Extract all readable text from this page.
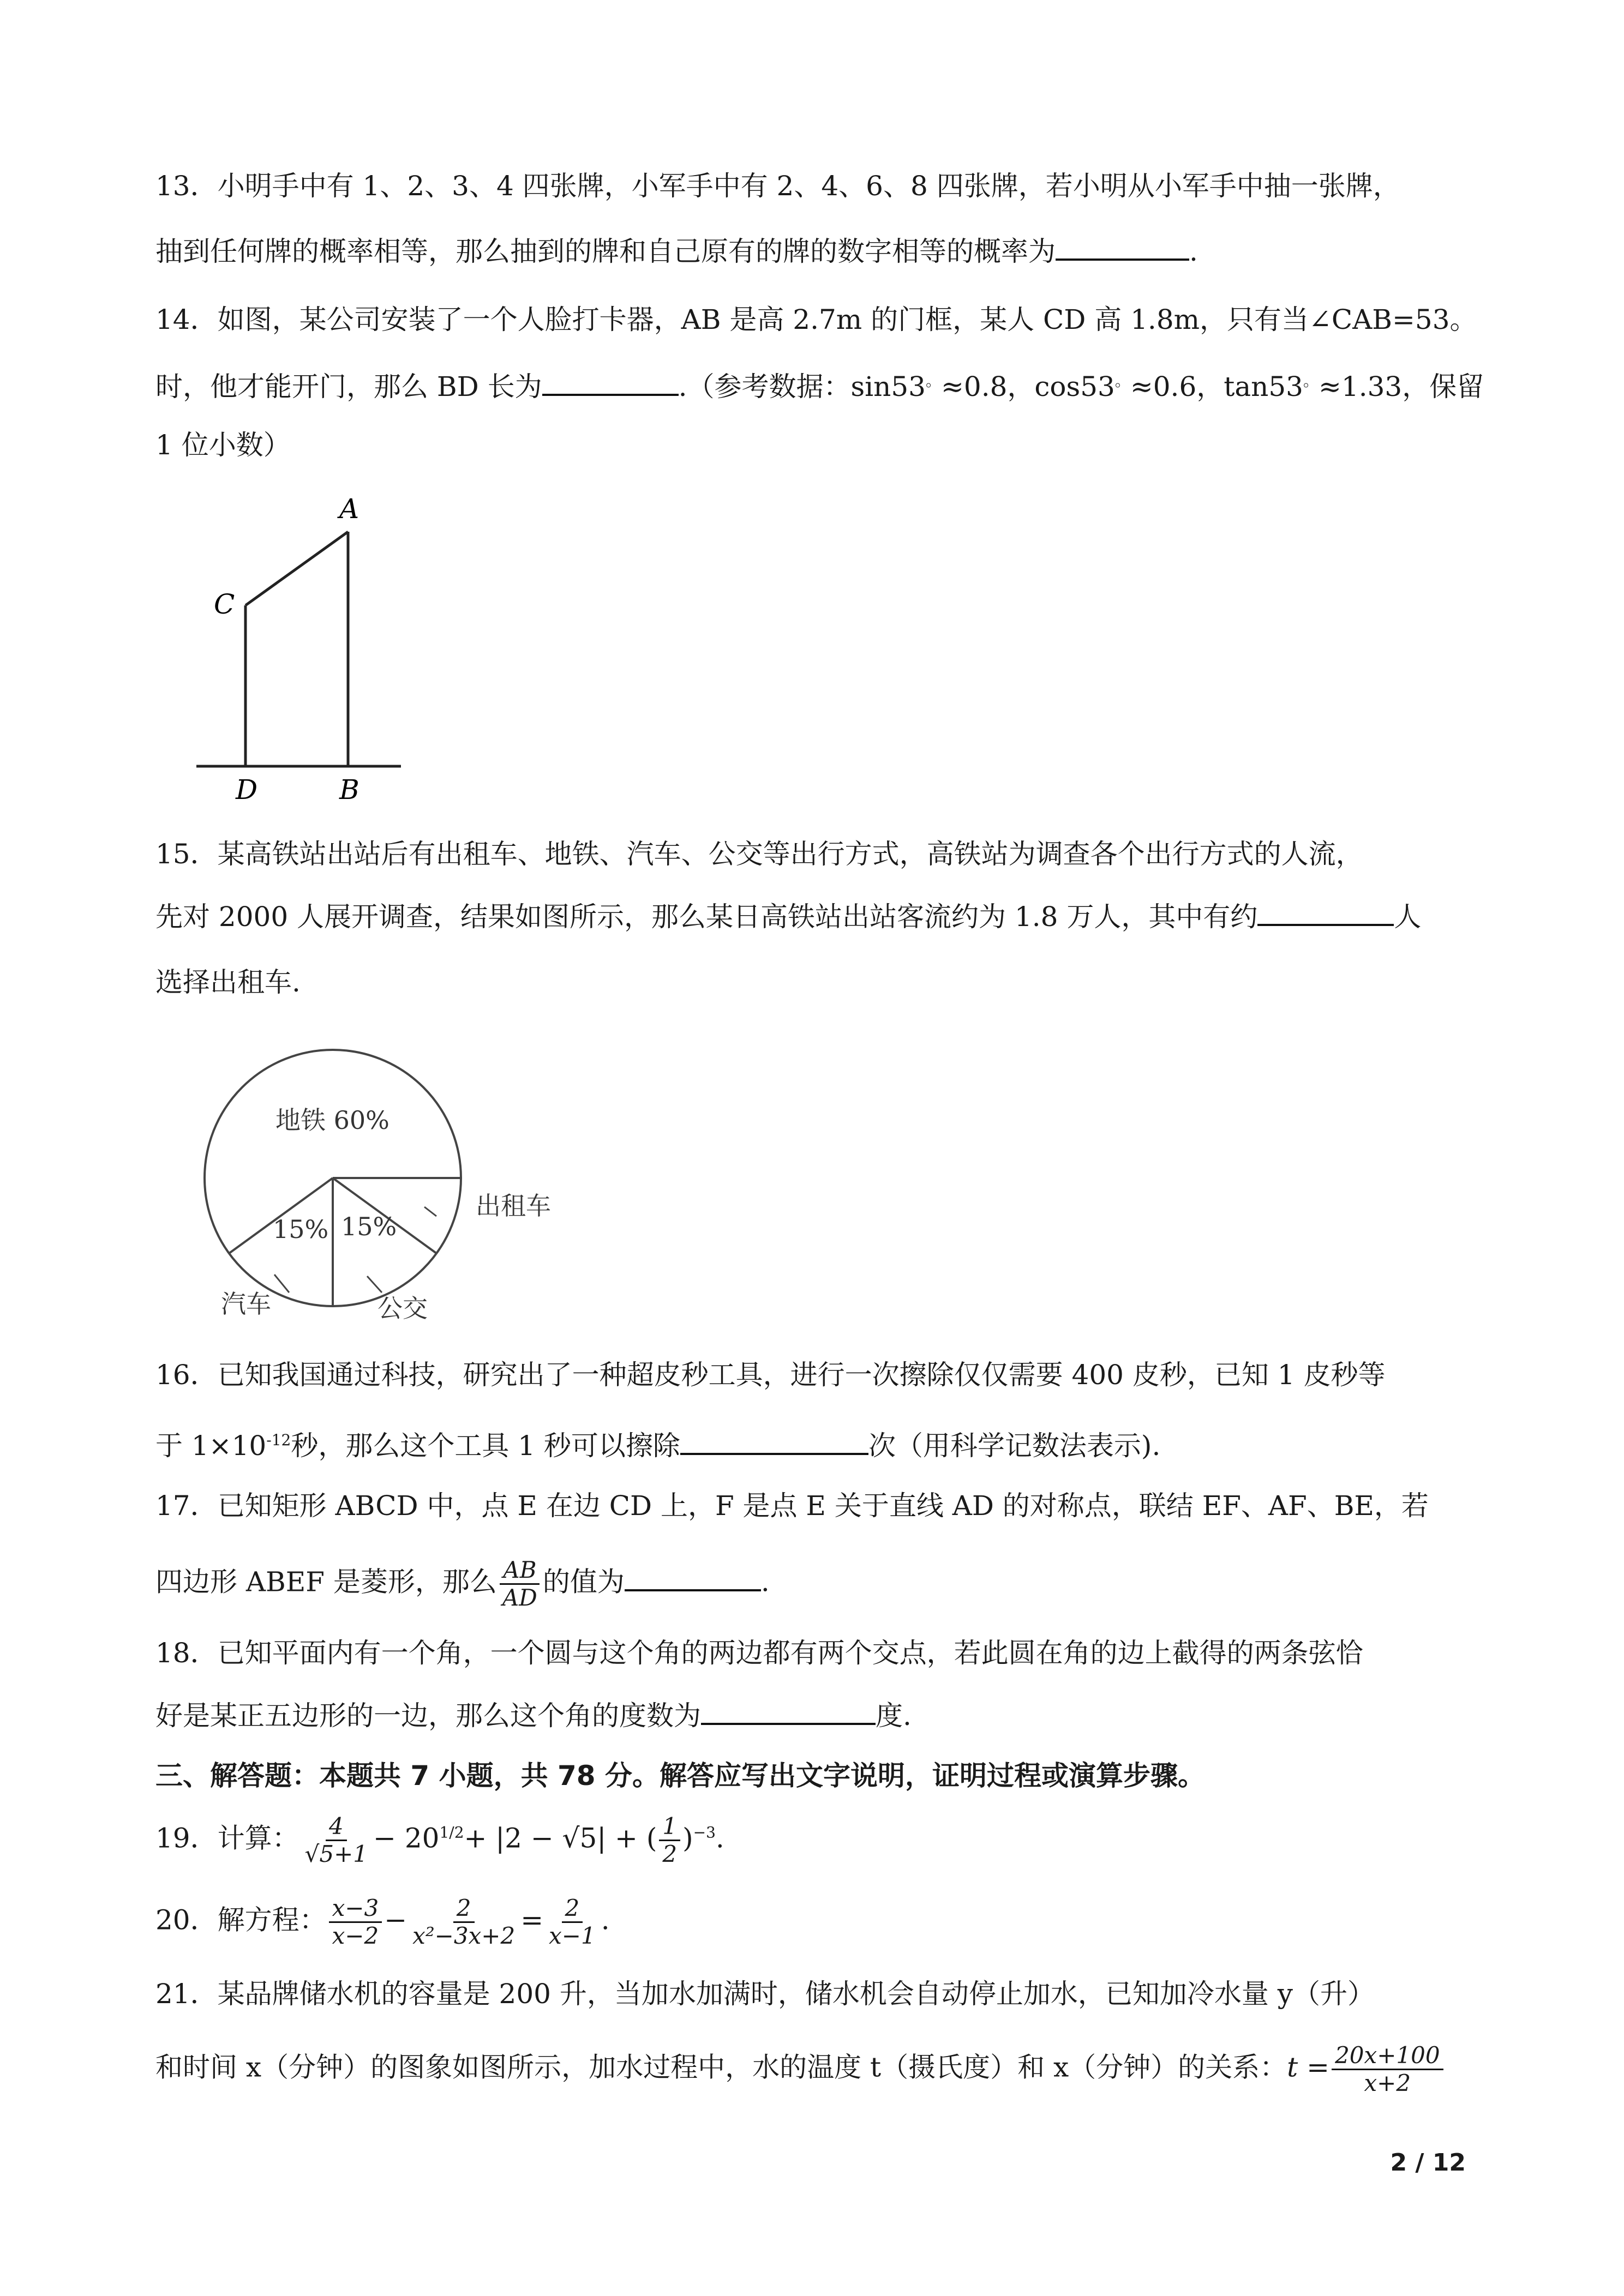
13．小明手中有 1、2、3、4 四张牌，小军手中有 2、4、6、8 四张牌，若小明从小军手中抽一张牌，
抽到任何牌的概率相等，那么抽到的牌和自己原有的牌的数字相等的概率为	.
14．如图，某公司安装了一个人脸打卡器，AB 是高 2.7m 的门框，某人 CD 高 1.8m，只有当∠CAB=53。
时，他才能开门，那么 BD 长为	.（参考数据：sin53。≈0.8，cos53。≈0.6，tan53。≈1.33，保留
1 位小数）
A
C
D	B
15．某高铁站出站后有出租车、地铁、汽车、公交等出行方式，高铁站为调查各个出行方式的人流，
先对 2000 人展开调查，结果如图所示，那么某日高铁站出站客流约为 1.8 万人，其中有约	人
选择出租车.
地铁 60%
15% 15%
出租车
汽车	公交
16．已知我国通过科技，研究出了一种超皮秒工具，进行一次擦除仅仅需要 400 皮秒，已知 1 皮秒等
于 $1\times 10^{-12}$秒，那么这个工具 1 秒可以擦除	次（用科学记数法表示).
17．已知矩形 ABCD 中，点 E 在边 CD 上，F 是点 E 关于直线 AD 的对称点，联结 EF、AF、BE，若
四边形 ABEF 是菱形，那么 $\frac{AB}{AD}$ 的值为	.
18．已知平面内有一个角，一个圆与这个角的两边都有两个交点，若此圆在角的边上截得的两条弦恰
好是某正五边形的一边，那么这个角的度数为	度.
三、解答题：本题共 7 小题，共 78 分。解答应写出文字说明，证明过程或演算步骤。
19．计算： $\frac{4}{√5+1} - 20^{1/2}+ |2 - √5|$ + ( $\frac{1}{2} )^{-3}$.
20．解方程： $\frac{x-3}{x-2} - \frac{2}{\text{x²−3x+2}} = \frac{2}{x-1}$ .
21．某品牌储水机的容量是 200 升，当加水加满时，储水机会自动停止加水，已知加冷水量 y（升）
和时间 x（分钟）的图象如图所示，加水过程中，水的温度 t（摄氏度）和 x（分钟）的关系：$t = \frac{20x+100}{x+2}$
2 / 12
